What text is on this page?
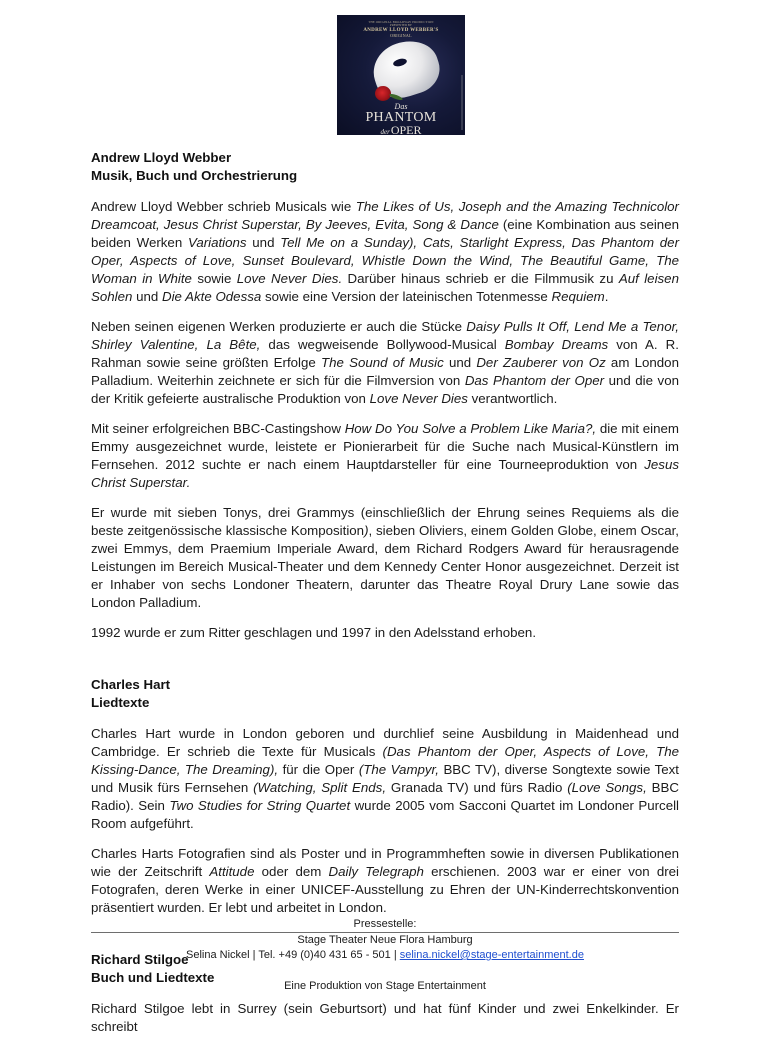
THE ORIGINAL BROADWAY PRODUCTION
PRESENTED BY
ANDREW LLOYD WEBBER'S
ORIGINAL
Das
PHANTOM
derOPER
Andrew Lloyd Webber
Musik, Buch und Orchestrierung

Andrew Lloyd Webber schrieb Musicals wie The Likes of Us, Joseph and the Amazing Technicolor Dreamcoat, Jesus Christ Superstar, By Jeeves, Evita, Song & Dance (eine Kombination aus seinen beiden Werken Variations und Tell Me on a Sunday), Cats, Starlight Express, Das Phantom der Oper, Aspects of Love, Sunset Boulevard, Whistle Down the Wind, The Beautiful Game, The Woman in White sowie Love Never Dies. Darüber hinaus schrieb er die Filmmusik zu Auf leisen Sohlen und Die Akte Odessa sowie eine Version der lateinischen Totenmesse Requiem.

Neben seinen eigenen Werken produzierte er auch die Stücke Daisy Pulls It Off, Lend Me a Tenor, Shirley Valentine, La Bête, das wegweisende Bollywood-Musical Bombay Dreams von A. R. Rahman sowie seine größten Erfolge The Sound of Music und Der Zauberer von Oz am London Palladium. Weiterhin zeichnete er sich für die Filmversion von Das Phantom der Oper und die von der Kritik gefeierte australische Produktion von Love Never Dies verantwortlich.

Mit seiner erfolgreichen BBC-Castingshow How Do You Solve a Problem Like Maria?, die mit einem Emmy ausgezeichnet wurde, leistete er Pionierarbeit für die Suche nach Musical-Künstlern im Fernsehen. 2012 suchte er nach einem Hauptdarsteller für eine Tourneeproduktion von Jesus Christ Superstar.

Er wurde mit sieben Tonys, drei Grammys (einschließlich der Ehrung seines Requiems als die beste zeitgenössische klassische Komposition), sieben Oliviers, einem Golden Globe, einem Oscar, zwei Emmys, dem Praemium Imperiale Award, dem Richard Rodgers Award für herausragende Leistungen im Bereich Musical-Theater und dem Kennedy Center Honor ausgezeichnet. Derzeit ist er Inhaber von sechs Londoner Theatern, darunter das Theatre Royal Drury Lane sowie das London Palladium.

1992 wurde er zum Ritter geschlagen und 1997 in den Adelsstand erhoben.

Charles Hart
Liedtexte

Charles Hart wurde in London geboren und durchlief seine Ausbildung in Maidenhead und Cambridge. Er schrieb die Texte für Musicals (Das Phantom der Oper, Aspects of Love, The Kissing-Dance, The Dreaming), für die Oper (The Vampyr, BBC TV), diverse Songtexte sowie Text und Musik fürs Fernsehen (Watching, Split Ends, Granada TV) und fürs Radio (Love Songs, BBC Radio). Sein Two Studies for String Quartet wurde 2005 vom Sacconi Quartet im Londoner Purcell Room aufgeführt.

Charles Harts Fotografien sind als Poster und in Programmheften sowie in diversen Publikationen wie der Zeitschrift Attitude oder dem Daily Telegraph erschienen. 2003 war er einer von drei Fotografen, deren Werke in einer UNICEF-Ausstellung zu Ehren der UN-Kinderrechtskonvention präsentiert wurden. Er lebt und arbeitet in London.

Richard Stilgoe
Buch und Liedtexte

Richard Stilgoe lebt in Surrey (sein Geburtsort) und hat fünf Kinder und zwei Enkelkinder. Er schreibt

Pressestelle:
Stage Theater Neue Flora Hamburg
Selina Nickel | Tel. +49 (0)40 431 65 - 501 | selina.nickel@stage-entertainment.de
Eine Produktion von Stage Entertainment
